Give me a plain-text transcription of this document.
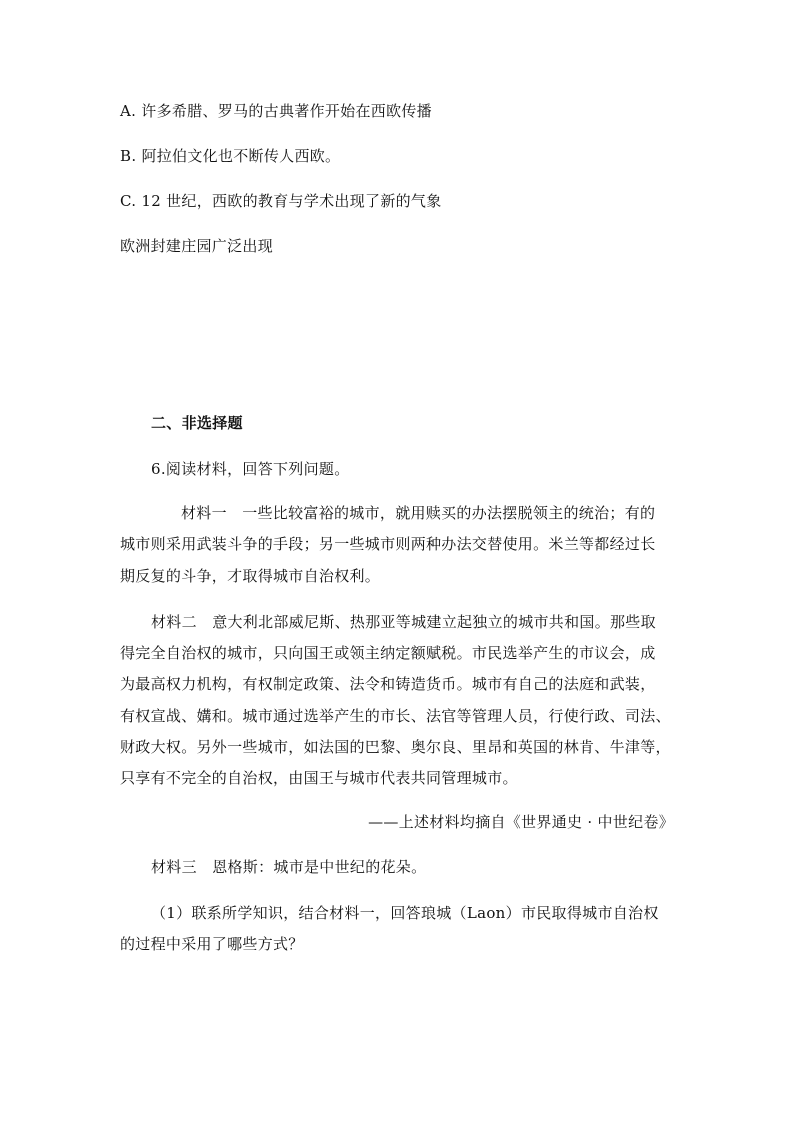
A. 许多希腊、罗马的古典著作开始在西欧传播
B. 阿拉伯文化也不断传人西欧。
C. 12 世纪，西欧的教育与学术出现了新的气象
欧洲封建庄园广泛出现
二、非选择题
6.阅读材料，回答下列问题。
材料一　一些比较富裕的城市，就用赎买的办法摆脱领主的统治；有的
城市则采用武装斗争的手段；另一些城市则两种办法交替使用。米兰等都经过长
期反复的斗争，才取得城市自治权利。
材料二　意大利北部威尼斯、热那亚等城建立起独立的城市共和国。那些取
得完全自治权的城市，只向国王或领主纳定额赋税。市民选举产生的市议会，成
为最高权力机构，有权制定政策、法令和铸造货币。城市有自己的法庭和武装，
有权宣战、媾和。城市通过选举产生的市长、法官等管理人员，行使行政、司法、
财政大权。另外一些城市，如法国的巴黎、奥尔良、里昂和英国的林肯、牛津等，
只享有不完全的自治权，由国王与城市代表共同管理城市。
——上述材料均摘自《世界通史 · 中世纪卷》
材料三　恩格斯：城市是中世纪的花朵。
（1）联系所学知识，结合材料一，回答琅城（Laon）市民取得城市自治权
的过程中采用了哪些方式？
